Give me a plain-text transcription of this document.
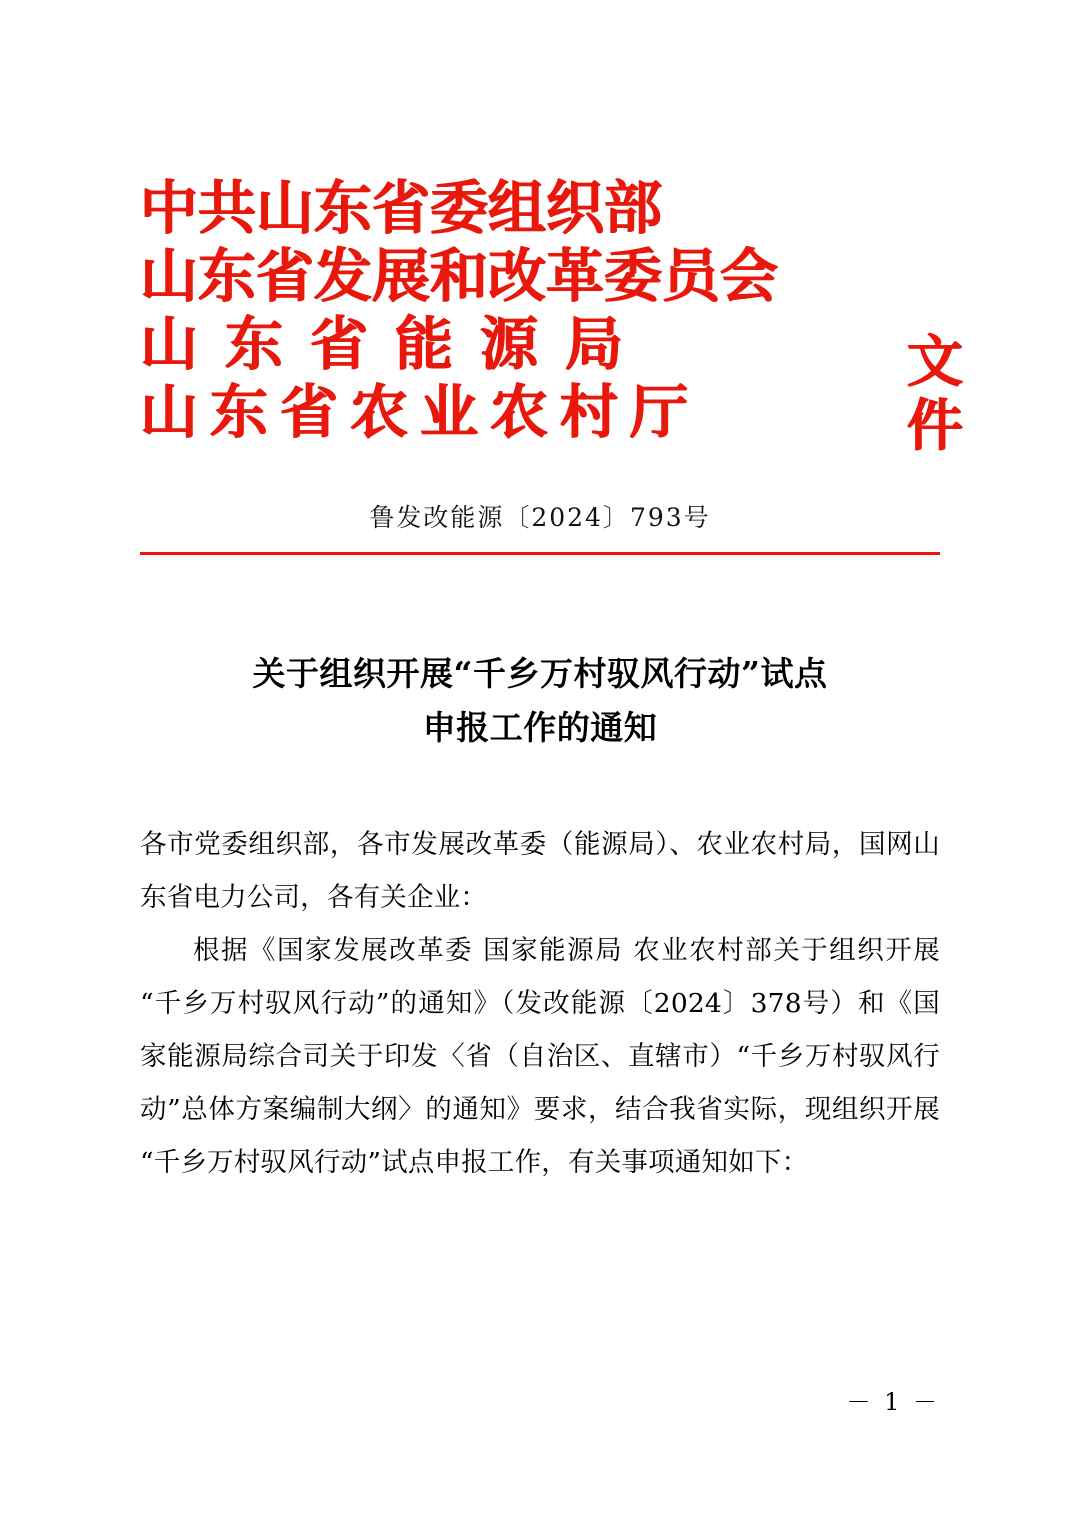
中共山东省委组织部
山东省发展和改革委员会
山东省能源局
山东省农业农村厅
文件
鲁发改能源〔2024〕793号
关于组织开展“千乡万村驭风行动”试点
申报工作的通知

各市党委组织部，各市发展改革委（能源局）、农业农村局，国网山东省电力公司，各有关企业：

根据《国家发展改革委 国家能源局 农业农村部关于组织开展“千乡万村驭风行动”的通知》（发改能源〔2024〕378号）和《国家能源局综合司关于印发〈省（自治区、直辖市）“千乡万村驭风行动”总体方案编制大纲〉的通知》要求，结合我省实际，现组织开展“千乡万村驭风行动”试点申报工作，有关事项通知如下：

－ 1 －
